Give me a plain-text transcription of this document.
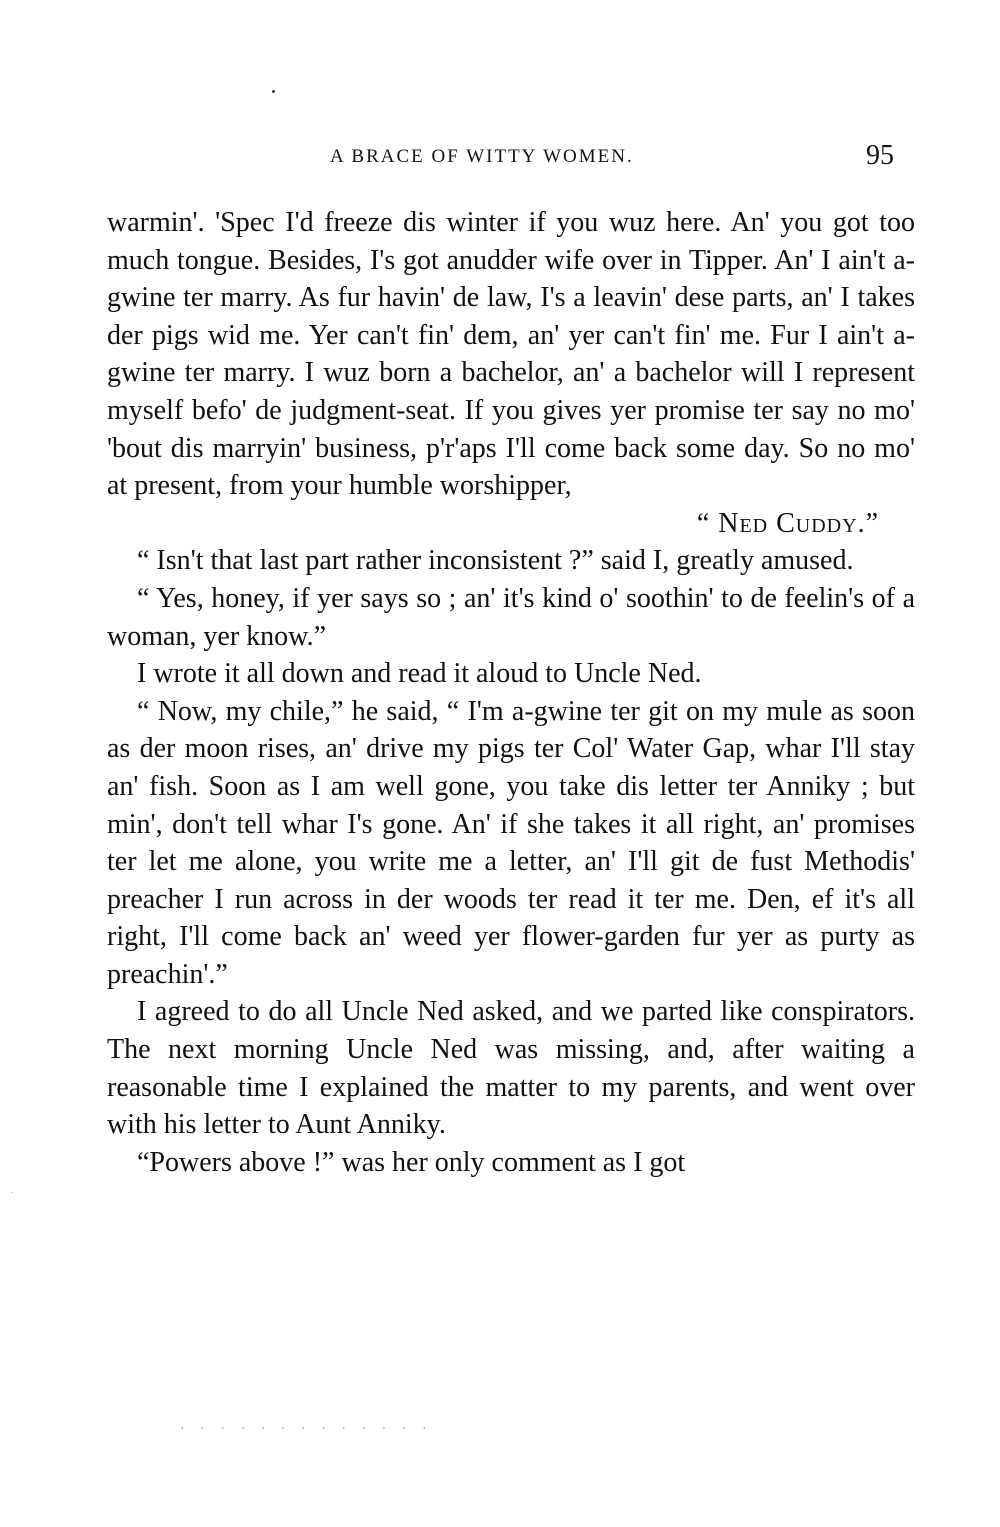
A BRACE OF WITTY WOMEN.	95

warmin'. 'Spec I'd freeze dis winter if you wuz here. An' you got too much tongue. Besides, I's got anudder wife over in Tipper. An' I ain't a-gwine ter marry. As fur havin' de law, I's a leavin' dese parts, an' I takes der pigs wid me. Yer can't fin' dem, an' yer can't fin' me. Fur I ain't a-gwine ter marry. I wuz born a bachelor, an' a bachelor will I represent myself befo' de judgment-seat. If you gives yer promise ter say no mo' 'bout dis marryin' business, p'r'aps I'll come back some day. So no mo' at present, from your humble worshipper,

“ Ned Cuddy.”

“ Isn't that last part rather inconsistent ?” said I, greatly amused.

“ Yes, honey, if yer says so ; an' it's kind o' soothin' to de feelin's of a woman, yer know.”

I wrote it all down and read it aloud to Uncle Ned.

“ Now, my chile,” he said, “ I'm a-gwine ter git on my mule as soon as der moon rises, an' drive my pigs ter Col' Water Gap, whar I'll stay an' fish. Soon as I am well gone, you take dis letter ter Anniky ; but min', don't tell whar I's gone. An' if she takes it all right, an' promises ter let me alone, you write me a letter, an' I'll git de fust Methodis' preacher I run across in der woods ter read it ter me. Den, ef it's all right, I'll come back an' weed yer flower-garden fur yer as purty as preachin'.”

I agreed to do all Uncle Ned asked, and we parted like conspirators. The next morning Uncle Ned was missing, and, after waiting a reasonable time I explained the matter to my parents, and went over with his letter to Aunt Anniky.

“Powers above !” was her only comment as I got

·
· · · · · · · · · · · · ·
